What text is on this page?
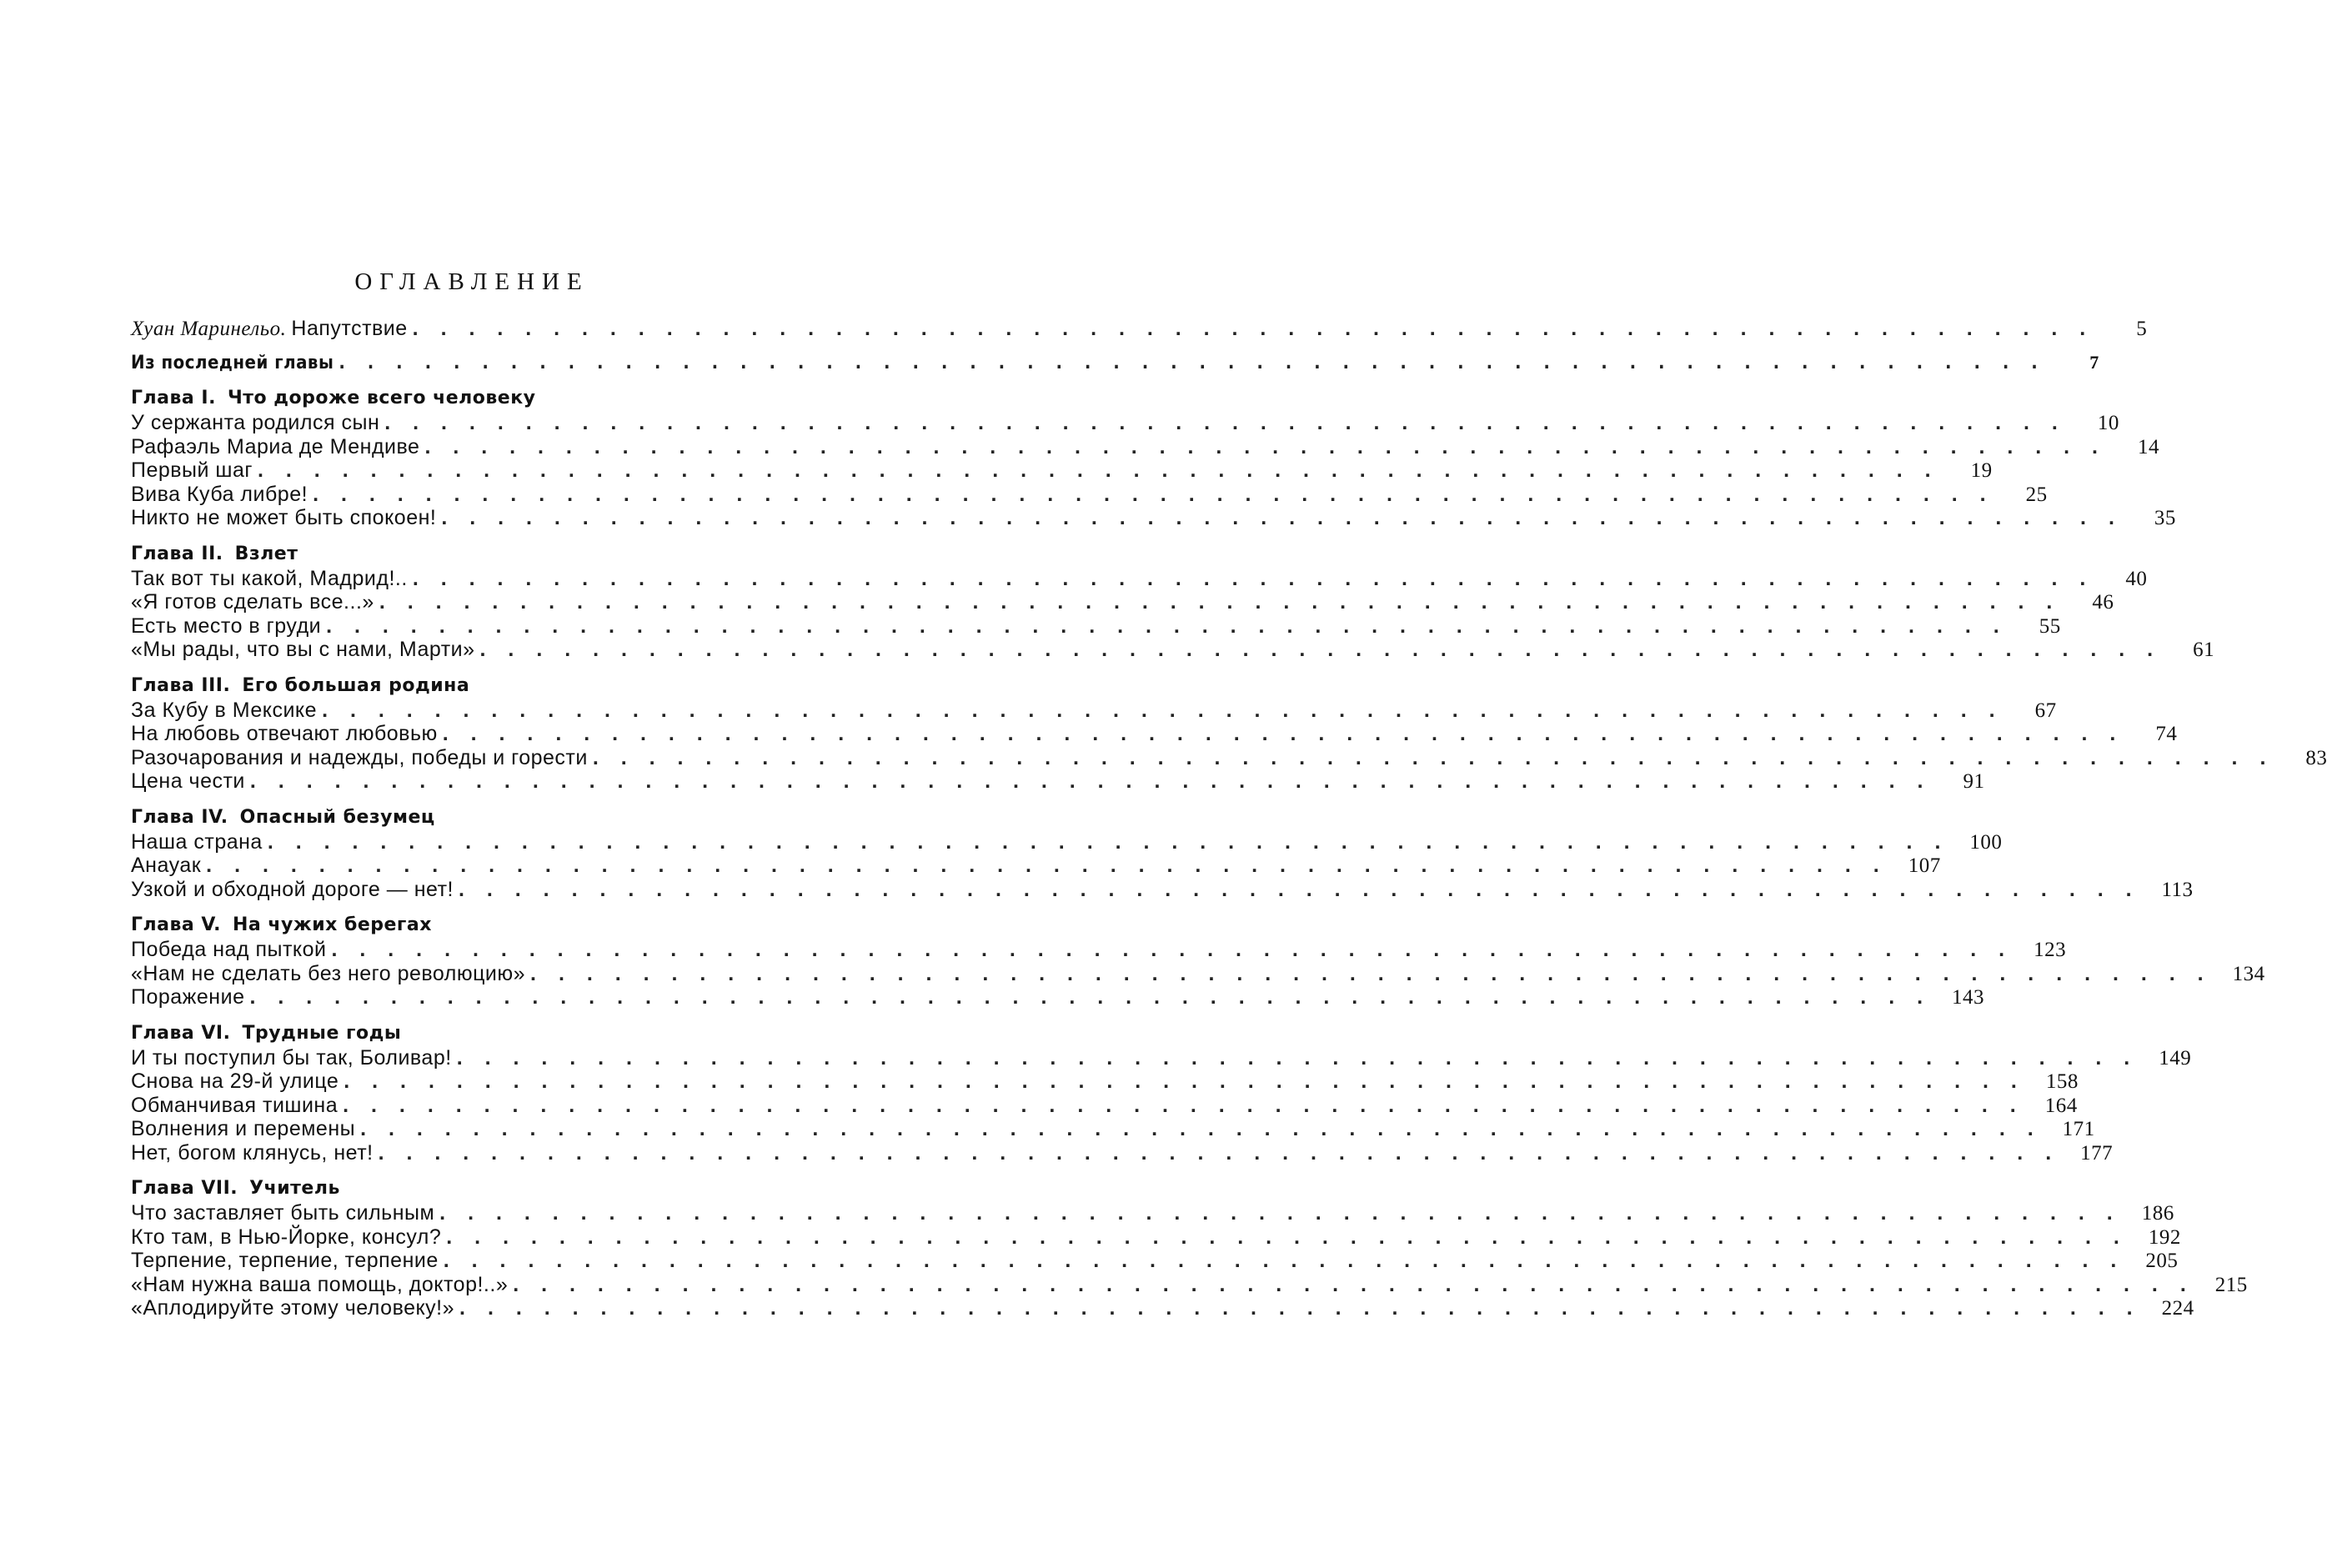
ОГЛАВЛЕНИЕ
Хуан Маринельо. Напутствие . . . . . . . . . . . . . . . . . . . . . . . . . . . . . . . . . . . . . . . . . . . . . . . . . . . . . . . . . . . .	5
Из последней главы . . . . . . . . . . . . . . . . . . . . . . . . . . . . . . . . . . . . . . . . . . . . . . . . . . . . . . . . . . . .	7
Глава I. Что дороже всего человеку
У сержанта родился сын . . . . . . . . . . . . . . . . . . . . . . . . . . . . . . . . . . . . . . . . . . . . . . . . . . . . . . . . . . . .	10
Рафаэль Мариа де Мендиве . . . . . . . . . . . . . . . . . . . . . . . . . . . . . . . . . . . . . . . . . . . . . . . . . . . . . . . . . . . .	14
Первый шаг . . . . . . . . . . . . . . . . . . . . . . . . . . . . . . . . . . . . . . . . . . . . . . . . . . . . . . . . . . . .	19
Вива Куба либре! . . . . . . . . . . . . . . . . . . . . . . . . . . . . . . . . . . . . . . . . . . . . . . . . . . . . . . . . . . . .	25
Никто не может быть спокоен! . . . . . . . . . . . . . . . . . . . . . . . . . . . . . . . . . . . . . . . . . . . . . . . . . . . . . . . . . . . .	35
Глава II. Взлет
Так вот ты какой, Мадрид!.. . . . . . . . . . . . . . . . . . . . . . . . . . . . . . . . . . . . . . . . . . . . . . . . . . . . . . . . . . . . .	40
«Я готов сделать все...» . . . . . . . . . . . . . . . . . . . . . . . . . . . . . . . . . . . . . . . . . . . . . . . . . . . . . . . . . . . .	46
Есть место в груди . . . . . . . . . . . . . . . . . . . . . . . . . . . . . . . . . . . . . . . . . . . . . . . . . . . . . . . . . . . .	55
«Мы рады, что вы с нами, Марти» . . . . . . . . . . . . . . . . . . . . . . . . . . . . . . . . . . . . . . . . . . . . . . . . . . . . . . . . . . . .	61
Глава III. Его большая родина
За Кубу в Мексике . . . . . . . . . . . . . . . . . . . . . . . . . . . . . . . . . . . . . . . . . . . . . . . . . . . . . . . . . . . .	67
На любовь отвечают любовью . . . . . . . . . . . . . . . . . . . . . . . . . . . . . . . . . . . . . . . . . . . . . . . . . . . . . . . . . . . .	74
Разочарования и надежды, победы и горести . . . . . . . . . . . . . . . . . . . . . . . . . . . . . . . . . . . . . . . . . . . . . . . . . . . . . . . . . . . .	83
Цена чести . . . . . . . . . . . . . . . . . . . . . . . . . . . . . . . . . . . . . . . . . . . . . . . . . . . . . . . . . . . .	91
Глава IV. Опасный безумец
Наша страна . . . . . . . . . . . . . . . . . . . . . . . . . . . . . . . . . . . . . . . . . . . . . . . . . . . . . . . . . . . .	100
Анауак . . . . . . . . . . . . . . . . . . . . . . . . . . . . . . . . . . . . . . . . . . . . . . . . . . . . . . . . . . . .	107
Узкой и обходной дороге — нет! . . . . . . . . . . . . . . . . . . . . . . . . . . . . . . . . . . . . . . . . . . . . . . . . . . . . . . . . . . . .	113
Глава V. На чужих берегах
Победа над пыткой . . . . . . . . . . . . . . . . . . . . . . . . . . . . . . . . . . . . . . . . . . . . . . . . . . . . . . . . . . . .	123
«Нам не сделать без него революцию» . . . . . . . . . . . . . . . . . . . . . . . . . . . . . . . . . . . . . . . . . . . . . . . . . . . . . . . . . . . .	134
Поражение . . . . . . . . . . . . . . . . . . . . . . . . . . . . . . . . . . . . . . . . . . . . . . . . . . . . . . . . . . . .	143
Глава VI. Трудные годы
И ты поступил бы так, Боливар! . . . . . . . . . . . . . . . . . . . . . . . . . . . . . . . . . . . . . . . . . . . . . . . . . . . . . . . . . . . .	149
Снова на 29-й улице . . . . . . . . . . . . . . . . . . . . . . . . . . . . . . . . . . . . . . . . . . . . . . . . . . . . . . . . . . . .	158
Обманчивая тишина . . . . . . . . . . . . . . . . . . . . . . . . . . . . . . . . . . . . . . . . . . . . . . . . . . . . . . . . . . . .	164
Волнения и перемены . . . . . . . . . . . . . . . . . . . . . . . . . . . . . . . . . . . . . . . . . . . . . . . . . . . . . . . . . . . .	171
Нет, богом клянусь, нет! . . . . . . . . . . . . . . . . . . . . . . . . . . . . . . . . . . . . . . . . . . . . . . . . . . . . . . . . . . . .	177
Глава VII. Учитель
Что заставляет быть сильным . . . . . . . . . . . . . . . . . . . . . . . . . . . . . . . . . . . . . . . . . . . . . . . . . . . . . . . . . . . .	186
Кто там, в Нью-Йорке, консул? . . . . . . . . . . . . . . . . . . . . . . . . . . . . . . . . . . . . . . . . . . . . . . . . . . . . . . . . . . . .	192
Терпение, терпение, терпение . . . . . . . . . . . . . . . . . . . . . . . . . . . . . . . . . . . . . . . . . . . . . . . . . . . . . . . . . . . .	205
«Нам нужна ваша помощь, доктор!..» . . . . . . . . . . . . . . . . . . . . . . . . . . . . . . . . . . . . . . . . . . . . . . . . . . . . . . . . . . . .	215
«Аплодируйте этому человеку!» . . . . . . . . . . . . . . . . . . . . . . . . . . . . . . . . . . . . . . . . . . . . . . . . . . . . . . . . . . . .	224
